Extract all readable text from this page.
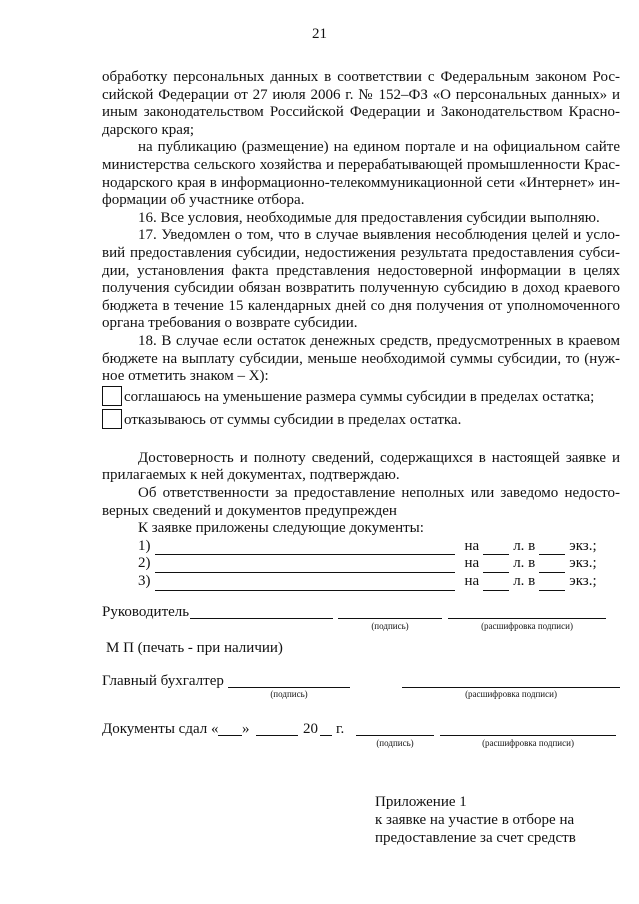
21

обработку персональных данных в соответствии с Федеральным законом Рос-сийской Федерации от 27 июля 2006 г. № 152–ФЗ «О персональных данных» и иным законодательством Российской Федерации и Законодательством Красно-дарского края;

на публикацию (размещение) на едином портале и на официальном сайте министерства сельского хозяйства и перерабатывающей промышленности Крас-нодарского края в информационно-телекоммуникационной сети «Интернет» ин-формации об участнике отбора.

16. Все условия, необходимые для предоставления субсидии выполняю.

17. Уведомлен о том, что в случае выявления несоблюдения целей и усло-вий предоставления субсидии, недостижения результата предоставления субси-дии, установления факта представления недостоверной информации в целях получения субсидии обязан возвратить полученную субсидию в доход краевого бюджета в течение 15 календарных дней со дня получения от уполномоченного органа требования о возврате субсидии.

18. В случае если остаток денежных средств, предусмотренных в краевом бюджете на выплату субсидии, меньше необходимой суммы субсидии, то (нуж-ное отметить знаком – X):

соглашаюсь на уменьшение размера суммы субсидии в пределах остатка;

отказываюсь от суммы субсидии в пределах остатка.

Достоверность и полноту сведений, содержащихся в настоящей заявке и прилагаемых к ней документах, подтверждаю.

Об ответственности за предоставление неполных или заведомо недосто-верных сведений и документов предупрежден

К заявке приложены следующие документы:

1)	на л. в экз.;
2)	на л. в экз.;
3)	на л. в экз.;
Руководитель
(подпись)	(расшифровка подписи)
М П (печать - при наличии)
Главный бухгалтер
(подпись)	(расшифровка подписи)
Документы сдал « »	20 г.
(подпись)	(расшифровка подписи)
Приложение 1
к заявке на участие в отборе на
предоставление за счет средств
